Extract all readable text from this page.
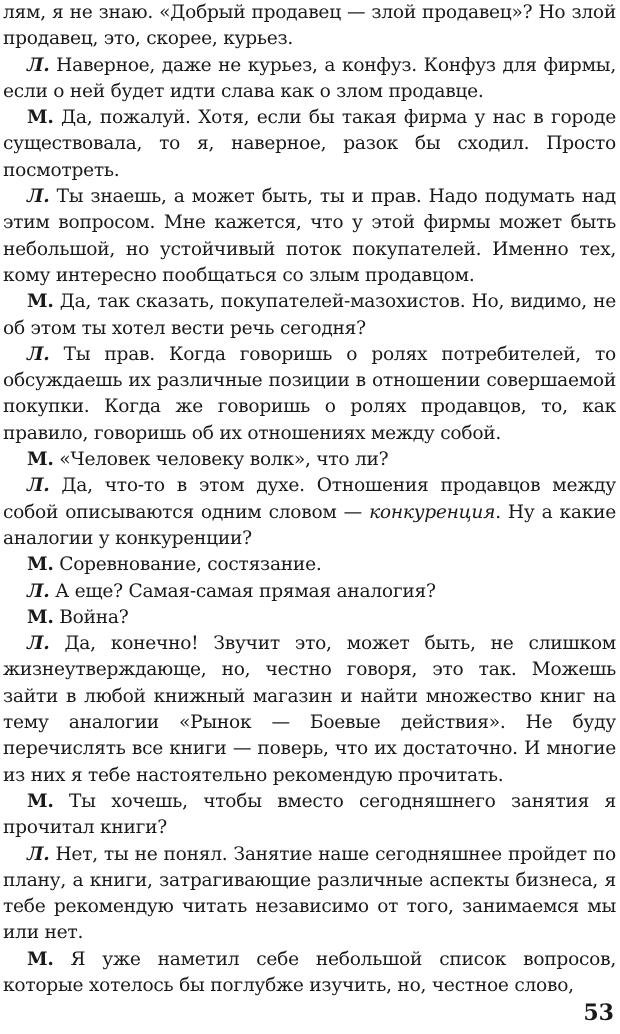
лям, я не знаю. «Добрый продавец — злой продавец»? Но злой продавец, это, скорее, курьез.

Л. Наверное, даже не курьез, а конфуз. Конфуз для фирмы, если о ней будет идти слава как о злом продавце.

М. Да, пожалуй. Хотя, если бы такая фирма у нас в городе существовала, то я, наверное, разок бы сходил. Просто посмотреть.

Л. Ты знаешь, а может быть, ты и прав. Надо подумать над этим вопросом. Мне кажется, что у этой фирмы может быть небольшой, но устойчивый поток покупателей. Именно тех, кому интересно пообщаться со злым продавцом.

М. Да, так сказать, покупателей-мазохистов. Но, видимо, не об этом ты хотел вести речь сегодня?

Л. Ты прав. Когда говоришь о ролях потребителей, то обсуждаешь их различные позиции в отношении совершаемой покупки. Когда же говоришь о ролях продавцов, то, как правило, говоришь об их отношениях между собой.

М. «Человек человеку волк», что ли?

Л. Да, что-то в этом духе. Отношения продавцов между собой описываются одним словом — конкуренция. Ну а какие аналогии у конкуренции?

М. Соревнование, состязание.

Л. А еще? Самая-самая прямая аналогия?

М. Война?

Л. Да, конечно! Звучит это, может быть, не слишком жизнеутверждающе, но, честно говоря, это так. Можешь зайти в любой книжный магазин и найти множество книг на тему аналогии «Рынок — Боевые действия». Не буду перечислять все книги — поверь, что их достаточно. И многие из них я тебе настоятельно рекомендую прочитать.

М. Ты хочешь, чтобы вместо сегодняшнего занятия я прочитал книги?

Л. Нет, ты не понял. Занятие наше сегодняшнее пройдет по плану, а книги, затрагивающие различные аспекты бизнеса, я тебе рекомендую читать независимо от того, занимаемся мы или нет.

М. Я уже наметил себе небольшой список вопросов, которые хотелось бы поглубже изучить, но, честное слово,

53
